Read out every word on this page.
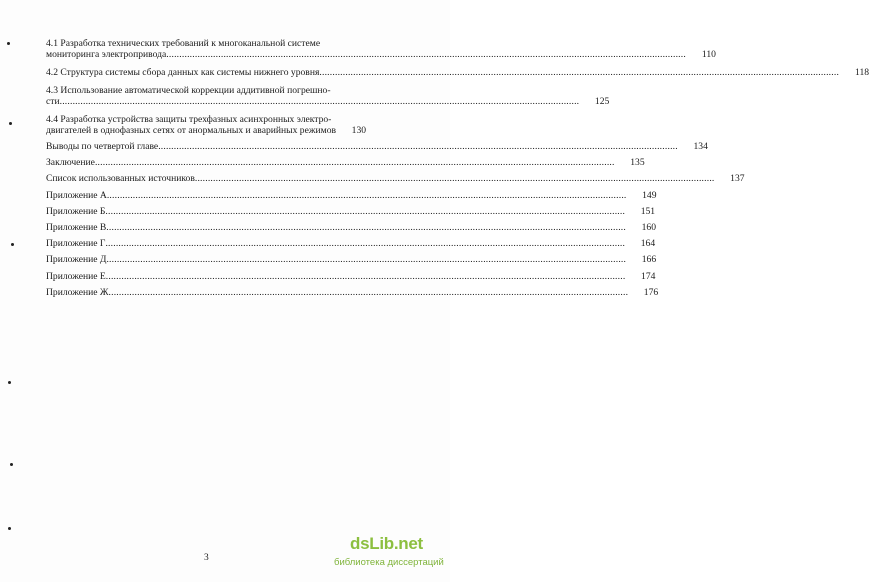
4.1 Разработка технических требований к многоканальной системе
мониторинга электропривода ........................................................................................................................................................................................................	110
4.2 Структура системы сбора данных как системы нижнего уровня ........................................................................................................................................................................................................	118
4.3 Использование автоматической коррекции аддитивной погрешно-
сти ........................................................................................................................................................................................................	125
4.4 Разработка устройства защиты трехфазных асинхронных электро-
двигателей в однофазных сетях от анормальных и аварийных режимов	130
Выводы по четвертой главе ........................................................................................................................................................................................................	134
Заключение ........................................................................................................................................................................................................	135
Список использованных источников ........................................................................................................................................................................................................	137
Приложение А ........................................................................................................................................................................................................	149
Приложение Б ........................................................................................................................................................................................................	151
Приложение В ........................................................................................................................................................................................................	160
Приложение Г ........................................................................................................................................................................................................	164
Приложение Д ........................................................................................................................................................................................................	166
Приложение Е ........................................................................................................................................................................................................	174
Приложение Ж ........................................................................................................................................................................................................	176
3
dsLib.net
библиотека диссертаций
